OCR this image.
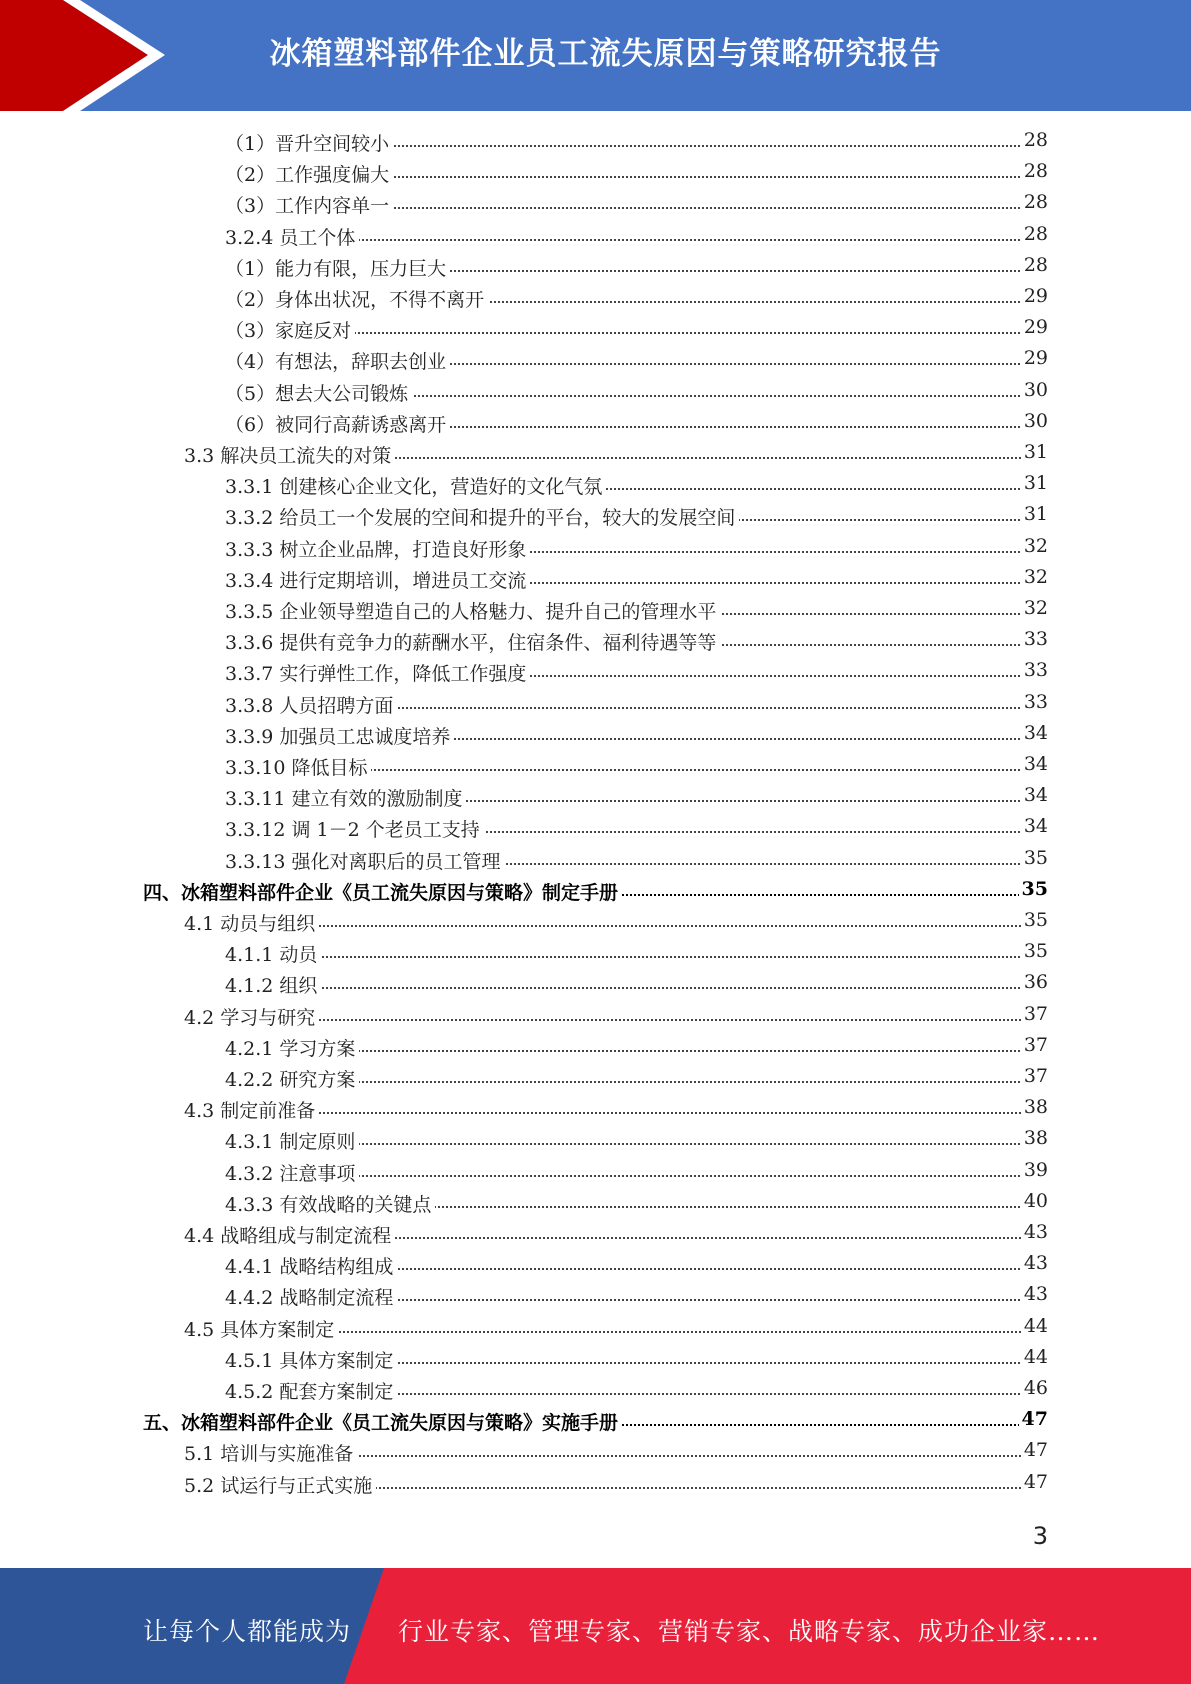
冰箱塑料部件企业员工流失原因与策略研究报告
（1）晋升空间较小	28
（2）工作强度偏大	28
（3）工作内容单一	28
3.2.4 员工个体	28
（1）能力有限，压力巨大	28
（2）身体出状况，不得不离开	29
（3）家庭反对	29
（4）有想法，辞职去创业	29
（5）想去大公司锻炼	30
（6）被同行高薪诱惑离开	30
3.3 解决员工流失的对策	31
3.3.1 创建核心企业文化，营造好的文化气氛	31
3.3.2 给员工一个发展的空间和提升的平台，较大的发展空间	31
3.3.3 树立企业品牌，打造良好形象	32
3.3.4 进行定期培训，增进员工交流	32
3.3.5 企业领导塑造自己的人格魅力、提升自己的管理水平	32
3.3.6 提供有竞争力的薪酬水平，住宿条件、福利待遇等等	33
3.3.7 实行弹性工作，降低工作强度	33
3.3.8 人员招聘方面	33
3.3.9 加强员工忠诚度培养	34
3.3.10 降低目标	34
3.3.11 建立有效的激励制度	34
3.3.12 调 1－2 个老员工支持	34
3.3.13 强化对离职后的员工管理	35
四、冰箱塑料部件企业《员工流失原因与策略》制定手册	35
4.1 动员与组织	35
4.1.1 动员	35
4.1.2 组织	36
4.2 学习与研究	37
4.2.1 学习方案	37
4.2.2 研究方案	37
4.3 制定前准备	38
4.3.1 制定原则	38
4.3.2 注意事项	39
4.3.3 有效战略的关键点	40
4.4 战略组成与制定流程	43
4.4.1 战略结构组成	43
4.4.2 战略制定流程	43
4.5 具体方案制定	44
4.5.1 具体方案制定	44
4.5.2 配套方案制定	46
五、冰箱塑料部件企业《员工流失原因与策略》实施手册	47
5.1 培训与实施准备	47
5.2 试运行与正式实施	47
3
让每个人都能成为 行业专家、管理专家、营销专家、战略专家、成功企业家……
